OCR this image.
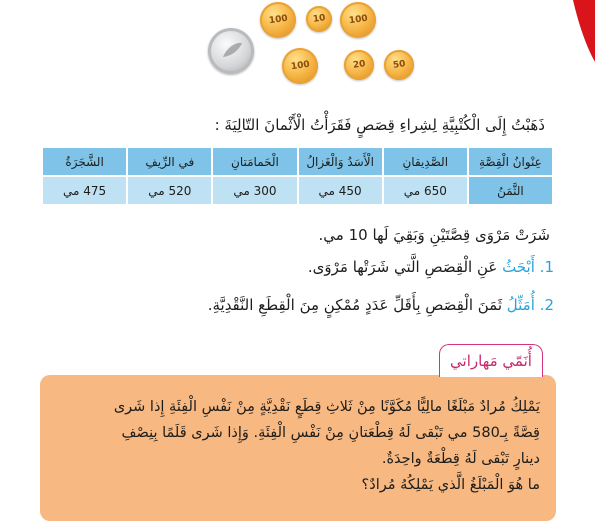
100	10 100
100	20	50
ذَهَبْتُ إِلَى الْكُتْبِيَّةِ لِشِراءِ قِصَصٍ فَقَرَأْتُ الْأَثْمانَ التّالِيَةَ :
عِنْوانُ الْقِصَّةِ	الصَّدِيقانِ	الْأَسَدُ وَالْغَزالُ	الْحَمامَتانِ	في الرِّيفِ	الشَّجَرَةُ
الثَّمَنُ	650 مي	450 مي	300 مي	520 مي	475 مي
شَرَتْ مَرْوَى قِصَّتَيْنِ وَبَقِيَ لَها 10 مي.
1. أَبْحَثُ عَنِ الْقِصَصِ الَّتي شَرَتْها مَرْوَى.
2. أُمَثِّلُ ثَمَنَ الْقِصَصِ بِأَقَلِّ عَدَدٍ مُمْكِنٍ مِنَ الْقِطَعِ النَّقْدِيَّةِ.
أُنَمّي مَهاراتي
يَمْلِكُ مُرادٌ مَبْلَغًا مالِيًّا مُكَوَّنًا مِنْ ثَلاثِ قِطَعٍ نَقْدِيَّةٍ مِنْ نَفْسِ الْفِئَةِ إِذا شَرى
قِصَّةً بِـ580 مي تَبْقى لَهُ قِطْعَتانِ مِنْ نَفْسِ الْفِئَةِ. وَإِذا شَرى قَلَمًا بِنِصْفِ
دينارٍ تَبْقى لَهُ قِطْعَةٌ واحِدَةٌ.
ما هُوَ الْمَبْلَغُ الَّذي يَمْلِكُهُ مُرادٌ؟
